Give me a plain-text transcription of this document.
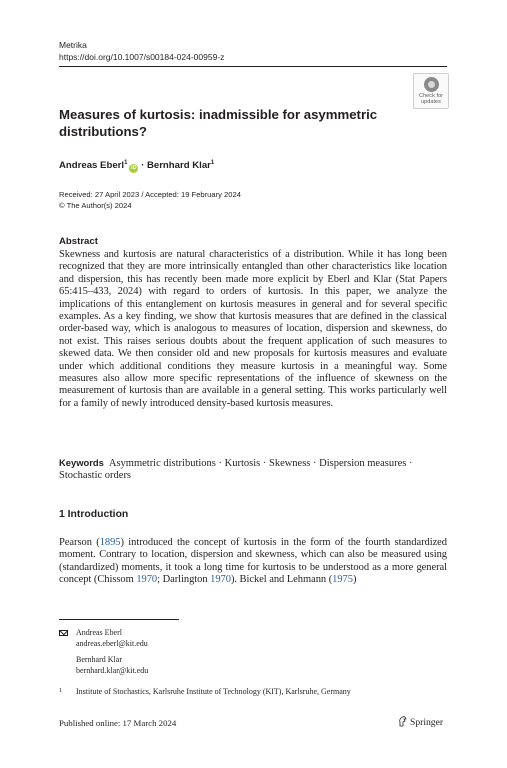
Metrika
https://doi.org/10.1007/s00184-024-00959-z
Check for
updates
Measures of kurtosis: inadmissible for asymmetric distributions?
Andreas Eberl$^1$iD · Bernhard Klar$^1$
Received: 27 April 2023 / Accepted: 19 February 2024
© The Author(s) 2024
Abstract

Skewness and kurtosis are natural characteristics of a distribution. While it has long been recognized that they are more intrinsically entangled than other characteristics like location and dispersion, this has recently been made more explicit by Eberl and Klar (Stat Papers 65:415–433, 2024) with regard to orders of kurtosis. In this paper, we analyze the implications of this entanglement on kurtosis measures in general and for several specific examples. As a key finding, we show that kurtosis measures that are defined in the classical order-based way, which is analogous to measures of location, dispersion and skewness, do not exist. This raises serious doubts about the frequent application of such measures to skewed data. We then consider old and new proposals for kurtosis measures and evaluate under which additional conditions they measure kurtosis in a meaningful way. Some measures also allow more specific representations of the influence of skewness on the measurement of kurtosis than are available in a general setting. This works particularly well for a family of newly introduced density-based kurtosis measures.

Keywords Asymmetric distributions · Kurtosis · Skewness · Dispersion measures · Stochastic orders

1 Introduction

Pearson (1895) introduced the concept of kurtosis in the form of the fourth standardized moment. Contrary to location, dispersion and skewness, which can also be measured using (standardized) moments, it took a long time for kurtosis to be understood as a more general concept (Chissom 1970; Darlington 1970). Bickel and Lehmann (1975)

Andreas Eberl
andreas.eberl@kit.edu
Bernhard Klar
bernhard.klar@kit.edu
1 Institute of Stochastics, Karlsruhe Institute of Technology (KIT), Karlsruhe, Germany
Published online: 17 March 2024	Springer
